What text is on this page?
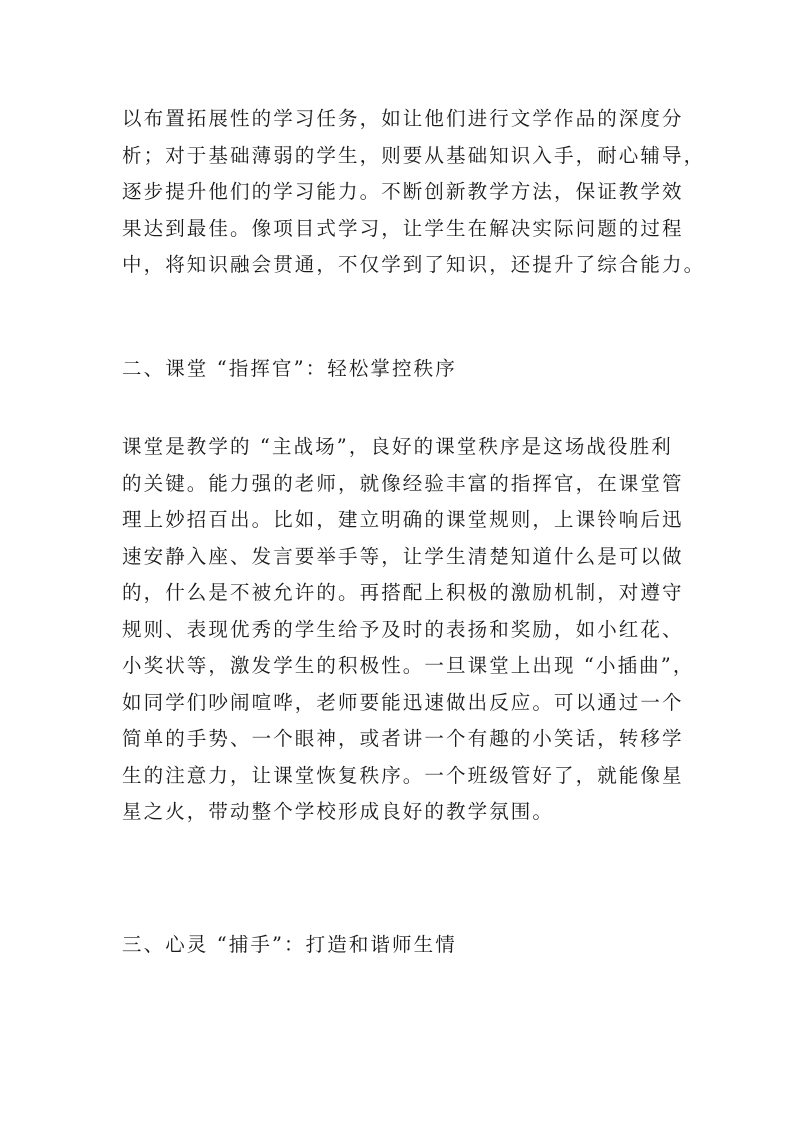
以布置拓展性的学习任务，如让他们进行文学作品的深度分
析；对于基础薄弱的学生，则要从基础知识入手，耐心辅导，
逐步提升他们的学习能力。不断创新教学方法，保证教学效
果达到最佳。像项目式学习，让学生在解决实际问题的过程
中，将知识融会贯通，不仅学到了知识，还提升了综合能力。
二、课堂 “指挥官”：轻松掌控秩序
课堂是教学的 “主战场”，良好的课堂秩序是这场战役胜利
的关键。能力强的老师，就像经验丰富的指挥官，在课堂管
理上妙招百出。比如，建立明确的课堂规则，上课铃响后迅
速安静入座、发言要举手等，让学生清楚知道什么是可以做
的，什么是不被允许的。再搭配上积极的激励机制，对遵守
规则、表现优秀的学生给予及时的表扬和奖励，如小红花、
小奖状等，激发学生的积极性。一旦课堂上出现 “小插曲”，
如同学们吵闹喧哗，老师要能迅速做出反应。可以通过一个
简单的手势、一个眼神，或者讲一个有趣的小笑话，转移学
生的注意力，让课堂恢复秩序。一个班级管好了，就能像星
星之火，带动整个学校形成良好的教学氛围。
三、心灵 “捕手”：打造和谐师生情
